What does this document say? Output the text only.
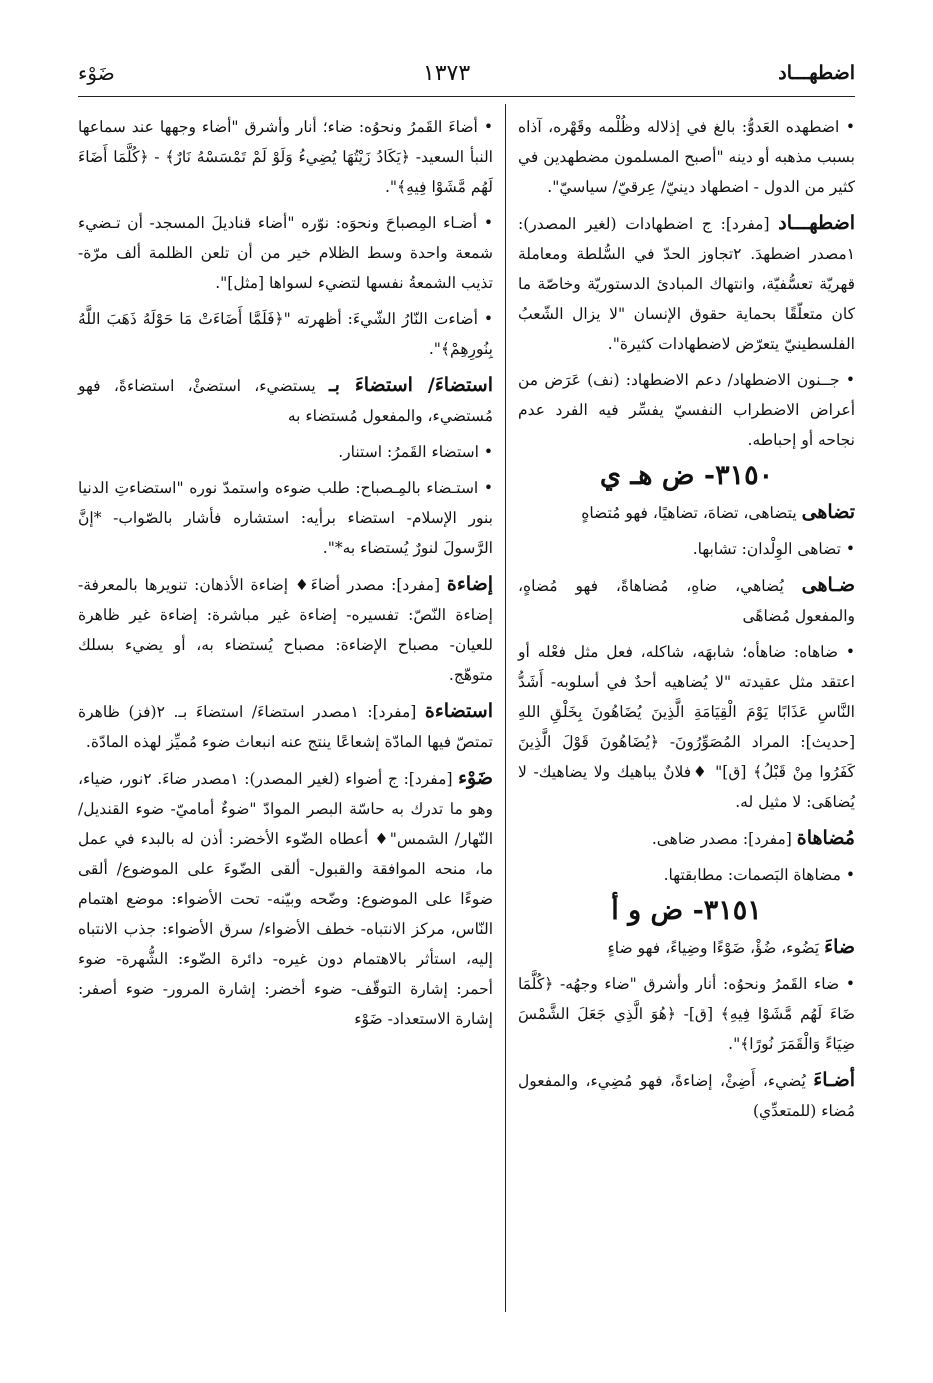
اضطهـــاد
١٣٧٣
ضَوْء

• اضطهده العَدوُّ: بالغ في إذلاله وظُلْمه وقَهْره، آذاه بسبب مذهبه أو دينه "أصبح المسلمون مضطهدين في كثير من الدول - اضطهاد دينيّ/ عِرقيّ/ سياسيّ".

اضطهـــاد [مفرد]: ج اضطهادات (لغير المصدر): ١مصدر اضطهدَ. ٢تجاوز الحدّ في السُّلطة ومعاملة قهريّة تعسُّفيّة، وانتهاك المبادئ الدستوريّة وخاصّة ما كان متعلّقًا بحماية حقوق الإنسان "لا يزال الشّعبُ الفلسطينيّ يتعرّض لاضطهادات كثيرة".

• جــنون الاضطهاد/ دعم الاضطهاد: (نف) عَرَض من أعراض الاضطراب النفسيّ يفسِّر فيه الفرد عدم نجاحه أو إحباطه.

٣١٥٠- ض هـ ي

تضاهى يتضاهى، تضاهَ، تضاهيًا، فهو مُتضاهٍ

• تضاهى الوِلْدان: تشابها.

ضـاهى يُضاهي، ضاهِ، مُضاهاةً، فهو مُضاهٍ، والمفعول مُضاهًى

• ضاهاه: ضاهأه؛ شابهَه، شاكله، فعل مثل فعْله أو اعتقد مثل عقيدته "لا يُضاهيه أحدٌ في أسلوبه- أَشَدُّ النَّاسِ عَذَابًا يَوْمَ الْقِيَامَةِ الَّذِينَ يُضَاهُونَ بِخَلْقِ اللهِ [حديث]: المراد المُصَوِّرُونَ- ﴿يُضَاهُونَ قَوْلَ الَّذِينَ كَفَرُوا مِنْ قَبْلُ﴾ [ق]" ♦فلانٌ يباهيك ولا يضاهيك- لا يُضاهَى: لا مثيل له.

مُضاهاة [مفرد]: مصدر ضاهى.

• مضاهاة البَصمات: مطابقتها.

٣١٥١- ض و أ

ضاءَ يَضُوء، ضُؤْ، ضَوْءًا وضِياءً، فهو ضاءٍ

• ضاء القَمرُ ونحوُه: أنار وأشرق "ضاء وجهُه- ﴿كُلَّمَا ضَاءَ لَهُم مَّشَوْا فِيهِ﴾ [ق]- ﴿هُوَ الَّذِي جَعَلَ الشَّمْسَ ضِيَاءً وَالْقَمَرَ نُورًا﴾".

أضـاءَ يُضيء، أَضِئْ، إضاءةً، فهو مُضِيء، والمفعول مُضاء (للمتعدِّي)

• أضاءَ القَمرُ ونحوُه: ضاء؛ أنار وأشرق "أضاء وجهها عند سماعها النبأ السعيد- ﴿يَكَادُ زَيْتُهَا يُضِيءُ وَلَوْ لَمْ تَمْسَسْهُ نَارٌ﴾ - ﴿كُلَّمَا أَضَاءَ لَهُم مَّشَوْا فِيهِ﴾".

• أضـاء المِصباحَ ونحوَه: نوّره "أضاء قناديلَ المسجد- أن تـضيء شمعة واحدة وسط الظلام خير من أن تلعن الظلمة ألف مرّة- تذيب الشمعةُ نفسها لتضيء لسواها [مثل]".

• أضاءت النّارُ الشّيءَ: أظهرته "﴿فَلَمَّا أَضَاءَتْ مَا حَوْلَهُ ذَهَبَ اللَّهُ بِنُورِهِمْ﴾".

استضاءَ/ استضاءَ بـ يستضيء، استضئْ، استضاءةً، فهو مُستضيء، والمفعول مُستضاء به

• استضاء القَمرُ: استنار.

• استـضاء بالمِـصباح: طلب ضوءه واستمدّ نوره "استضاءتِ الدنيا بنور الإسلام- استضاء برأيه: استشاره فأشار بالصّواب- *إنَّ الرَّسولَ لنورٌ يُستضاء به*".

إضاءة [مفرد]: مصدر أضاءَ♦ إضاءة الأذهان: تنويرها بالمعرفة- إضاءة النّصّ: تفسيره- إضاءة غير مباشرة: إضاءة غير ظاهرة للعيان- مصباح الإضاءة: مصباح يُستضاء به، أو يضيء بسلك متوهّج.

استضاءة [مفرد]: ١مصدر استضاءَ/ استضاءَ بـ. ٢(فز) ظاهرة تمتصّ فيها المادّة إشعاعًا ينتج عنه انبعاث ضوء مُميِّز لهذه المادّة.

ضَوْء [مفرد]: ج أضواء (لغير المصدر): ١مصدر ضاءَ. ٢نور، ضياء، وهو ما تدرك به حاسّة البصر الموادّ "ضوءٌ أماميّ- ضوء القنديل/ النّهار/ الشمس"♦ أعطاه الضّوء الأخضر: أذن له بالبدء في عمل ما، منحه الموافقة والقبول- ألقى الضّوءَ على الموضوع/ ألقى ضوءًا على الموضوع: وضّحه وبيّنه- تحت الأضواء: موضع اهتمام النّاس، مركز الانتباه- خطف الأضواء/ سرق الأضواء: جذب الانتباه إليه، استأثر بالاهتمام دون غيره- دائرة الضّوء: الشُّهرة- ضوء أحمر: إشارة التوقّف- ضوء أخضر: إشارة المرور- ضوء أصفر: إشارة الاستعداد- ضَوْء
